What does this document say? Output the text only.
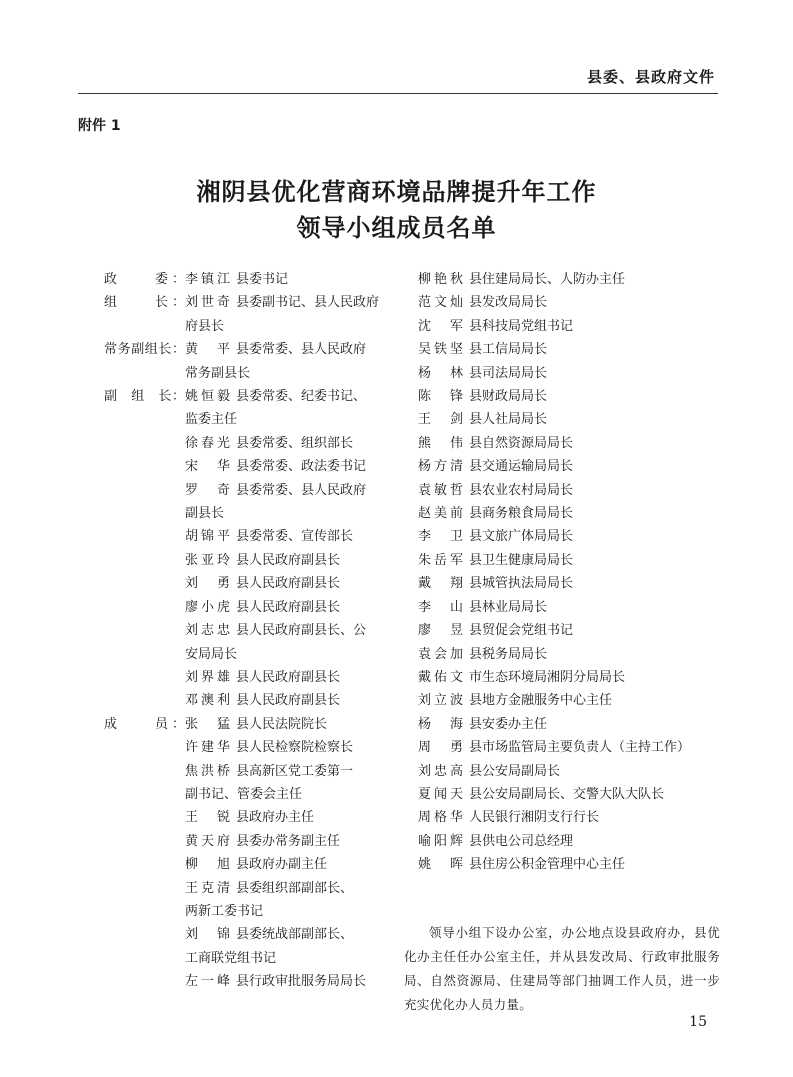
县委、县政府文件
附件 1
湘阴县优化营商环境品牌提升年工作
领导小组成员名单
政　　委： 李镇江 县委书记
组　　长： 刘世奇 县委副书记、县人民政府
府县长
常务副组长： 黄　平 县委常委、县人民政府
常务副县长
副　组　长： 姚恒毅 县委常委、纪委书记、
监委主任
徐春光 县委常委、组织部长
宋　华 县委常委、政法委书记
罗　奇 县委常委、县人民政府
副县长
胡锦平 县委常委、宣传部长
张亚玲 县人民政府副县长
刘　勇 县人民政府副县长
廖小虎 县人民政府副县长
刘志忠 县人民政府副县长、公
安局局长
刘界雄 县人民政府副县长
邓澳利 县人民政府副县长
成　　员： 张　猛 县人民法院院长
许建华 县人民检察院检察长
焦洪桥 县高新区党工委第一
副书记、管委会主任
王　锐 县政府办主任
黄天府 县委办常务副主任
柳　旭 县政府办副主任
王克清 县委组织部副部长、
两新工委书记
刘　锦 县委统战部副部长、
工商联党组书记
左一峰 县行政审批服务局局长
柳艳秋 县住建局局长、人防办主任
范文灿 县发改局局长
沈　军 县科技局党组书记
吴铁坚 县工信局局长
杨　林 县司法局局长
陈　锋 县财政局局长
王　剑 县人社局局长
熊　伟 县自然资源局局长
杨方清 县交通运输局局长
袁敏哲 县农业农村局局长
赵美前 县商务粮食局局长
李　卫 县文旅广体局局长
朱岳军 县卫生健康局局长
戴　翔 县城管执法局局长
李　山 县林业局局长
廖　昱 县贸促会党组书记
袁会加 县税务局局长
戴佑文 市生态环境局湘阴分局局长
刘立波 县地方金融服务中心主任
杨　海 县安委办主任
周　勇 县市场监管局主要负责人（主持工作）
刘忠高 县公安局副局长
夏闻天 县公安局副局长、交警大队大队长
周格华 人民银行湘阴支行行长
喻阳辉 县供电公司总经理
姚　晖 县住房公积金管理中心主任

领导小组下设办公室，办公地点设县政府办，县优化办主任任办公室主任，并从县发改局、行政审批服务局、自然资源局、住建局等部门抽调工作人员，进一步充实优化办人员力量。

15
